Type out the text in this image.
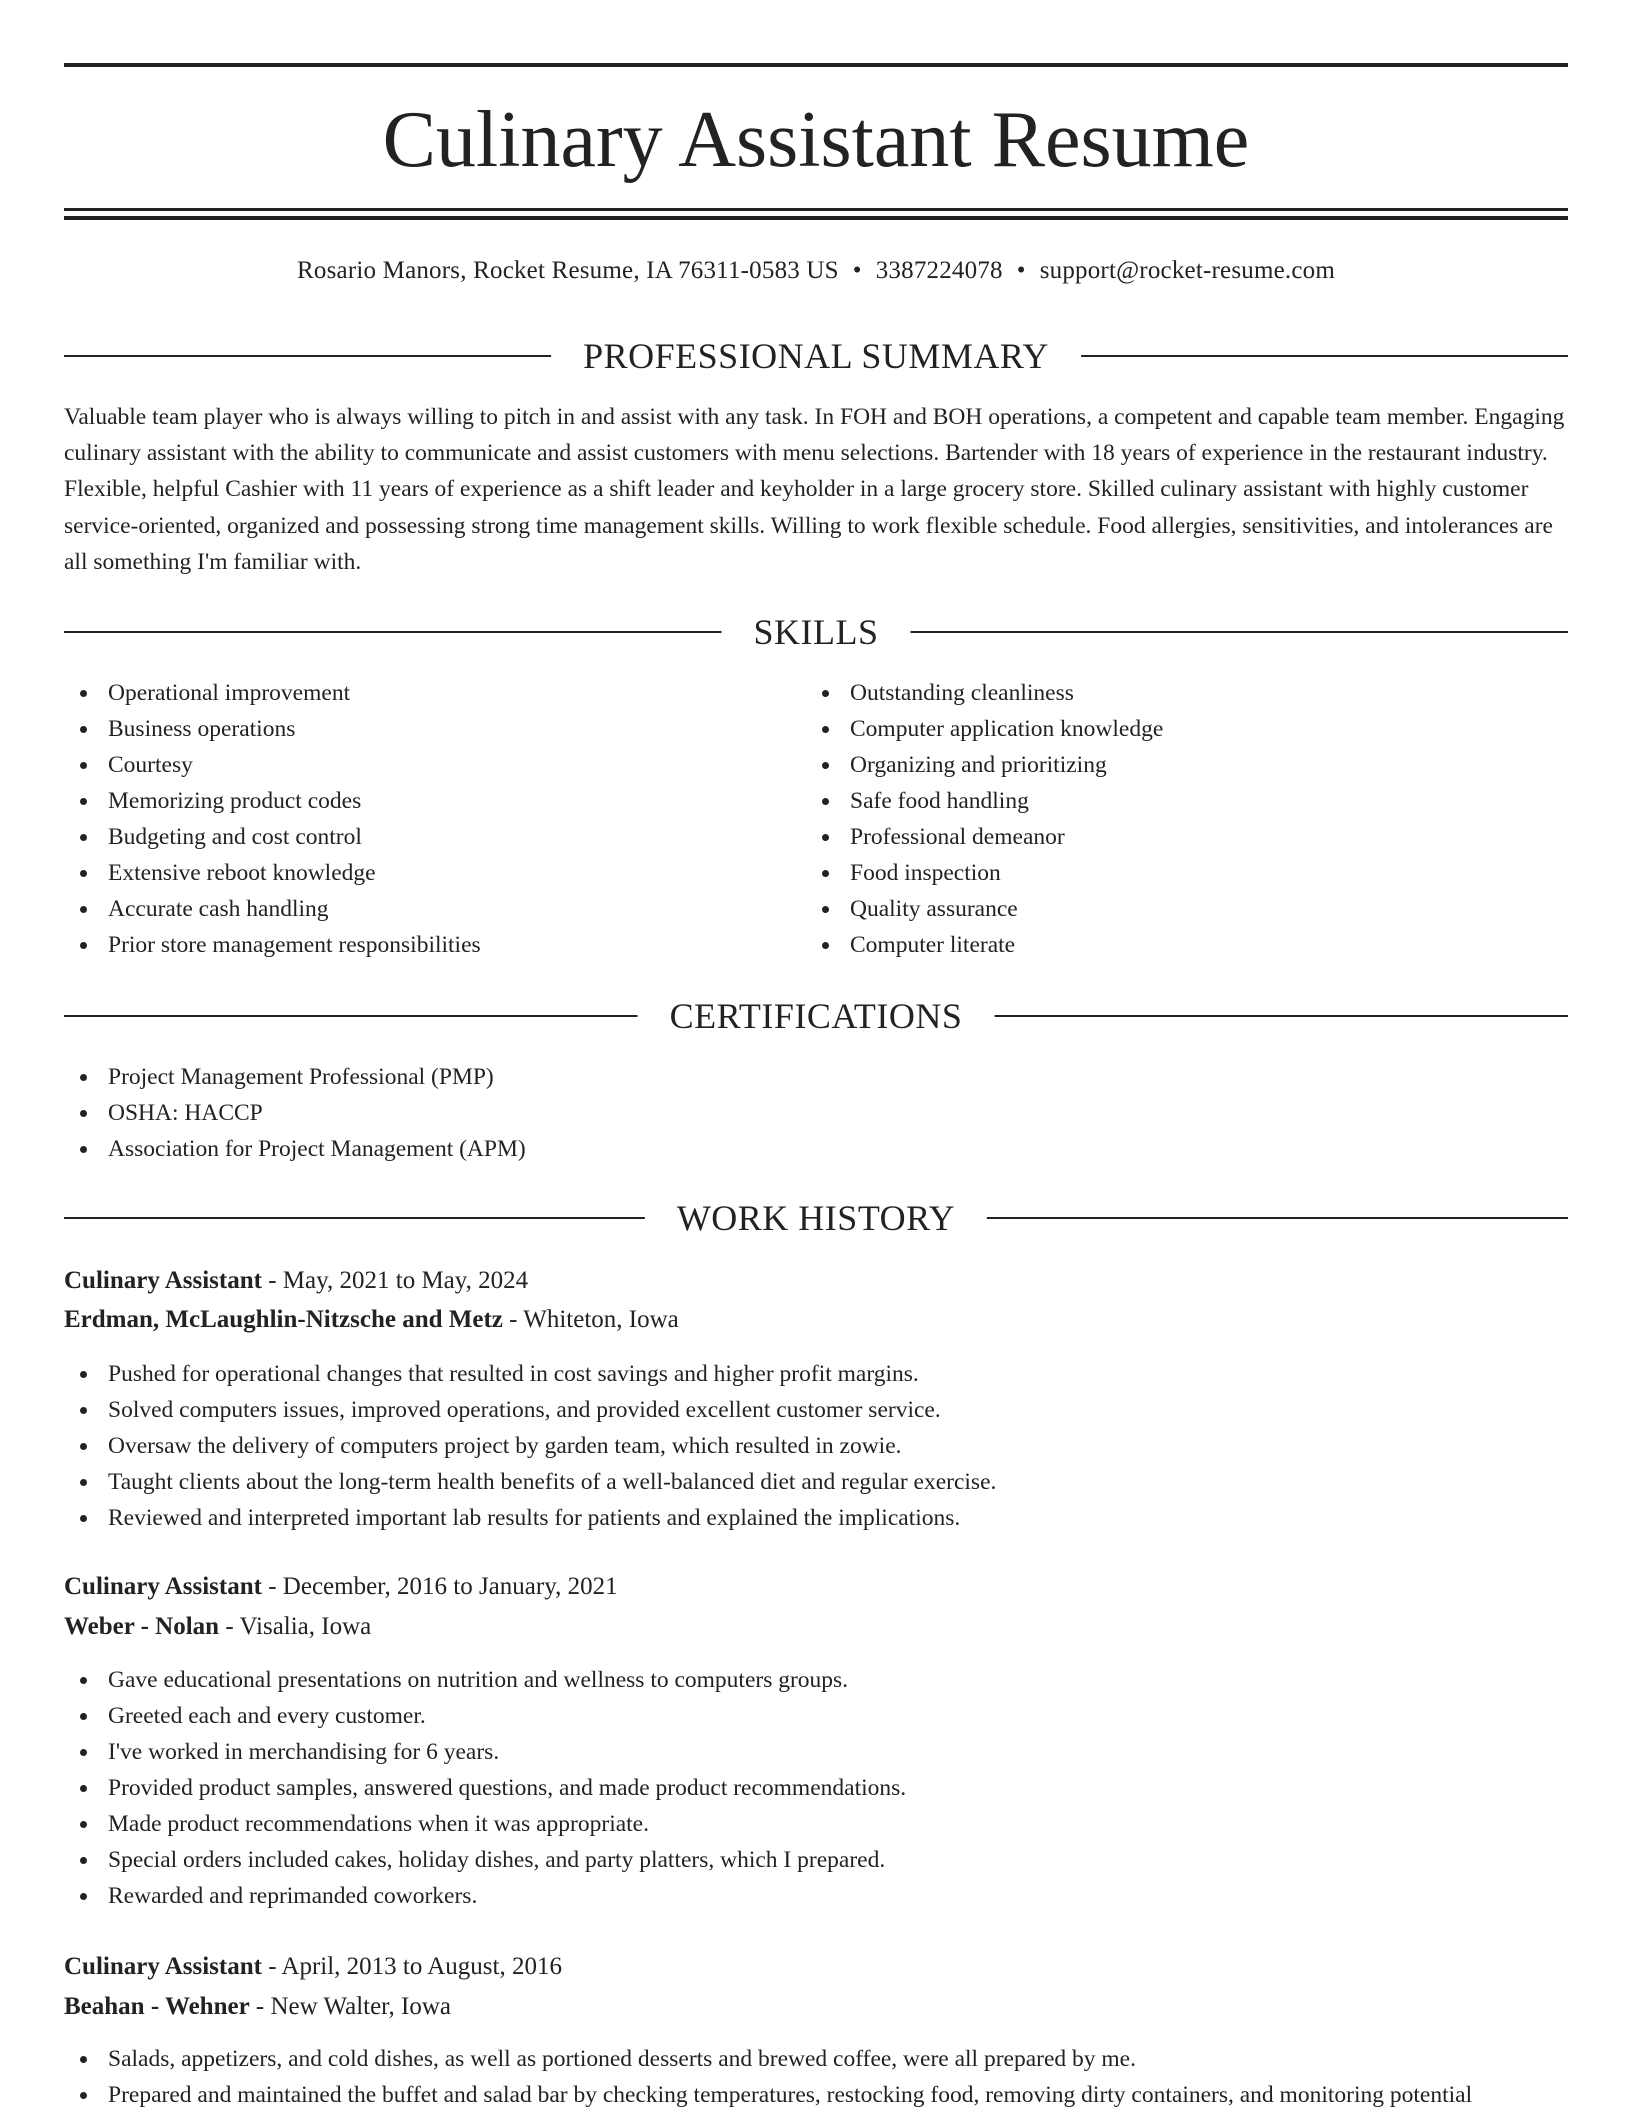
Culinary Assistant Resume
Rosario Manors, Rocket Resume, IA 76311-0583 US • 3387224078 • support@rocket-resume.com
PROFESSIONAL SUMMARY

Valuable team player who is always willing to pitch in and assist with any task. In FOH and BOH operations, a competent and capable team member. Engaging culinary assistant with the ability to communicate and assist customers with menu selections. Bartender with 18 years of experience in the restaurant industry. Flexible, helpful Cashier with 11 years of experience as a shift leader and keyholder in a large grocery store. Skilled culinary assistant with highly customer service-oriented, organized and possessing strong time management skills. Willing to work flexible schedule. Food allergies, sensitivities, and intolerances are all something I'm familiar with.

SKILLS
Operational improvement
Business operations
Courtesy
Memorizing product codes
Budgeting and cost control
Extensive reboot knowledge
Accurate cash handling
Prior store management responsibilities
Outstanding cleanliness
Computer application knowledge
Organizing and prioritizing
Safe food handling
Professional demeanor
Food inspection
Quality assurance
Computer literate
CERTIFICATIONS
Project Management Professional (PMP)
OSHA: HACCP
Association for Project Management (APM)
WORK HISTORY
Culinary Assistant - May, 2021 to May, 2024
Erdman, McLaughlin-Nitzsche and Metz - Whiteton, Iowa
Pushed for operational changes that resulted in cost savings and higher profit margins.
Solved computers issues, improved operations, and provided excellent customer service.
Oversaw the delivery of computers project by garden team, which resulted in zowie.
Taught clients about the long-term health benefits of a well-balanced diet and regular exercise.
Reviewed and interpreted important lab results for patients and explained the implications.
Culinary Assistant - December, 2016 to January, 2021
Weber - Nolan - Visalia, Iowa
Gave educational presentations on nutrition and wellness to computers groups.
Greeted each and every customer.
I've worked in merchandising for 6 years.
Provided product samples, answered questions, and made product recommendations.
Made product recommendations when it was appropriate.
Special orders included cakes, holiday dishes, and party platters, which I prepared.
Rewarded and reprimanded coworkers.
Culinary Assistant - April, 2013 to August, 2016
Beahan - Wehner - New Walter, Iowa
Salads, appetizers, and cold dishes, as well as portioned desserts and brewed coffee, were all prepared by me.
Prepared and maintained the buffet and salad bar by checking temperatures, restocking food, removing dirty containers, and monitoring potential
